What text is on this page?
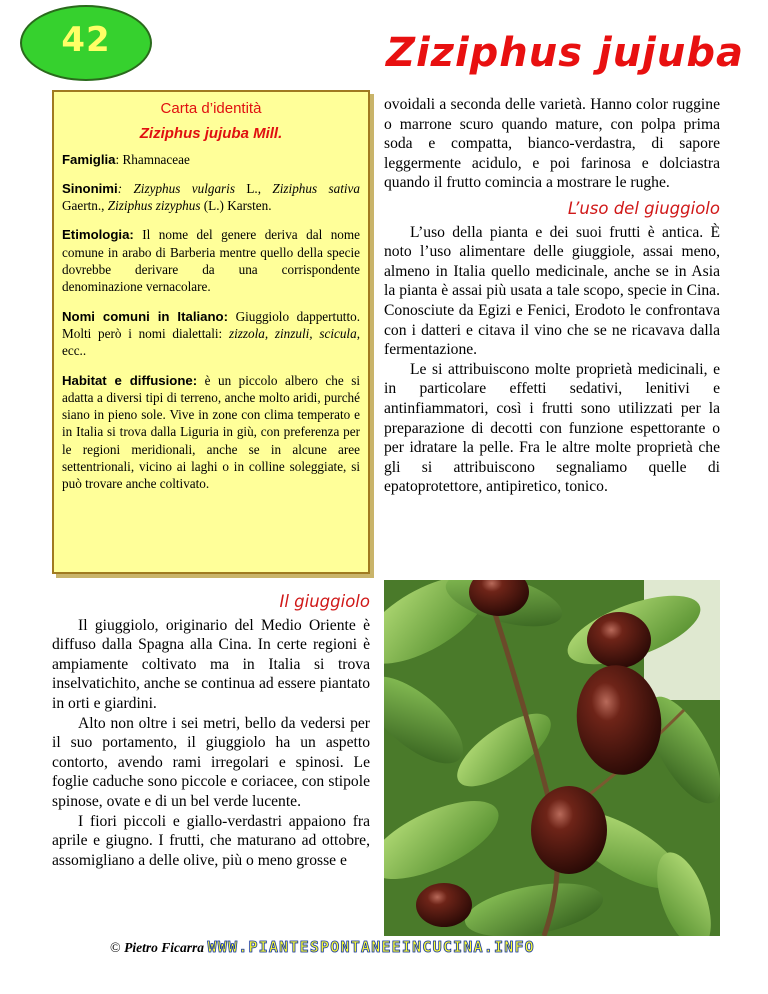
42	Ziziphus jujuba
Carta d’identità
Ziziphus jujuba Mill.

Famiglia: Rhamnaceae

Sinonimi: Zizyphus vulgaris L., Ziziphus sativa Gaertn., Ziziphus zizyphus (L.) Karsten.

Etimologia: Il nome del genere deriva dal nome comune in arabo di Barberia mentre quello della specie dovrebbe derivare da una corrispondente denominazione vernacolare.

Nomi comuni in Italiano: Giuggiolo dappertutto. Molti però i nomi dialettali: zizzola, zinzuli, scicula, ecc..

Habitat e diffusione: è un piccolo albero che si adatta a diversi tipi di terreno, anche molto aridi, purché siano in pieno sole. Vive in zone con clima temperato e in Italia si trova dalla Liguria in giù, con preferenza per le regioni meridionali, anche se in alcune aree settentrionali, vicino ai laghi o in colline soleggiate, si può trovare anche coltivato.

Il giuggiolo

Il giuggiolo, originario del Medio Oriente è diffuso dalla Spagna alla Cina. In certe regioni è ampiamente coltivato ma in Italia si trova inselvatichito, anche se continua ad essere piantato in orti e giardini.

Alto non oltre i sei metri, bello da vedersi per il suo portamento, il giuggiolo ha un aspetto contorto, avendo rami irregolari e spinosi. Le foglie caduche sono piccole e coriacee, con stipole spinose, ovate e di un bel verde lucente.

I fiori piccoli e giallo-verdastri appaiono fra aprile e giugno. I frutti, che maturano ad ottobre, assomigliano a delle olive, più o meno grosse e

ovoidali a seconda delle varietà. Hanno color ruggine o marrone scuro quando mature, con polpa prima soda e compatta, bianco-verdastra, di sapore leggermente acidulo, e poi farinosa e dolciastra quando il frutto comincia a mostrare le rughe.

L’uso del giuggiolo

L’uso della pianta e dei suoi frutti è antica. È noto l’uso alimentare delle giuggiole, assai meno, almeno in Italia quello medicinale, anche se in Asia la pianta è assai più usata a tale scopo, specie in Cina. Conosciute da Egizi e Fenici, Erodoto le confrontava con i datteri e citava il vino che se ne ricavava dalla fermentazione.

Le si attribuiscono molte proprietà medicinali, e in particolare effetti sedativi, lenitivi e antinfiammatori, così i frutti sono utilizzati per la preparazione di decotti con funzione espettorante o per idratare la pelle. Fra le altre molte proprietà che gli si attribuiscono segnaliamo quelle di epatoprotettore, antipiretico, tonico.

© Pietro Ficarra WWW.PIANTESPONTANEEINCUCINA.INFO
